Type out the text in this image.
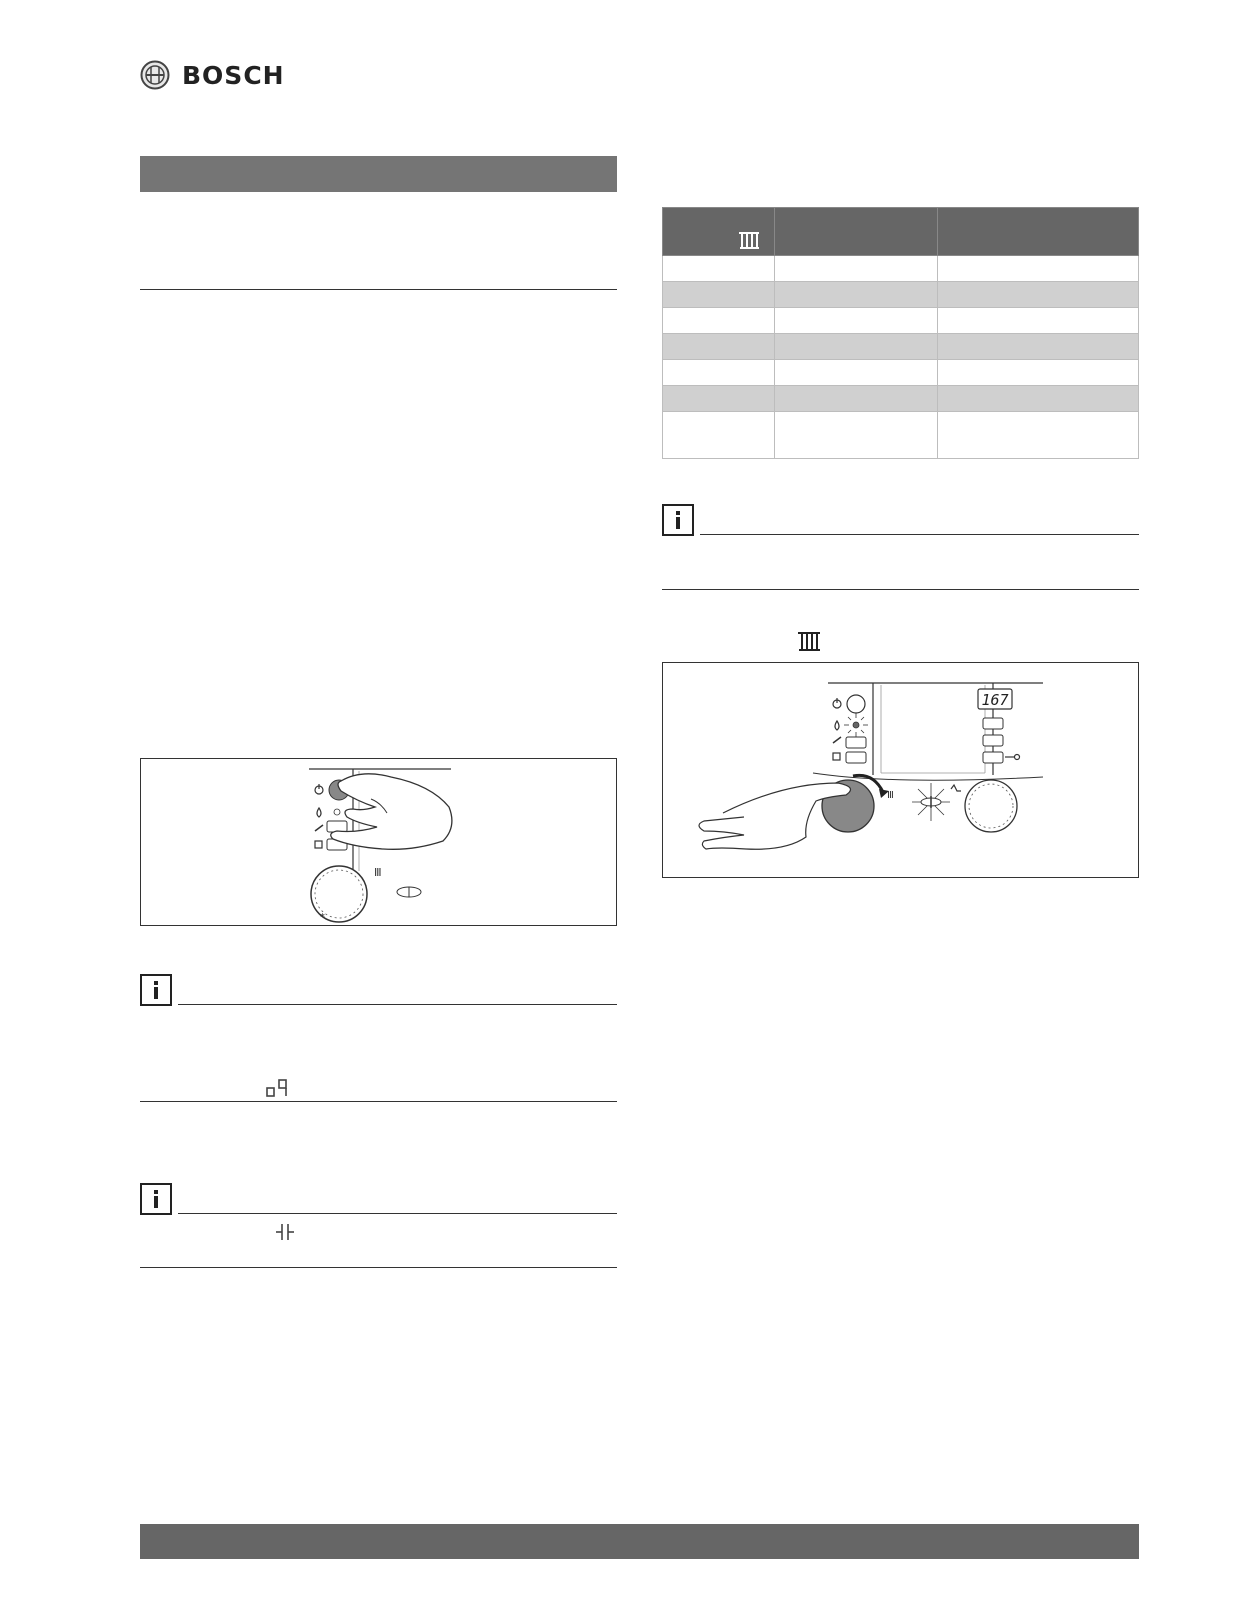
BOSCH
Ⅲ
*

167
Ⅲ
